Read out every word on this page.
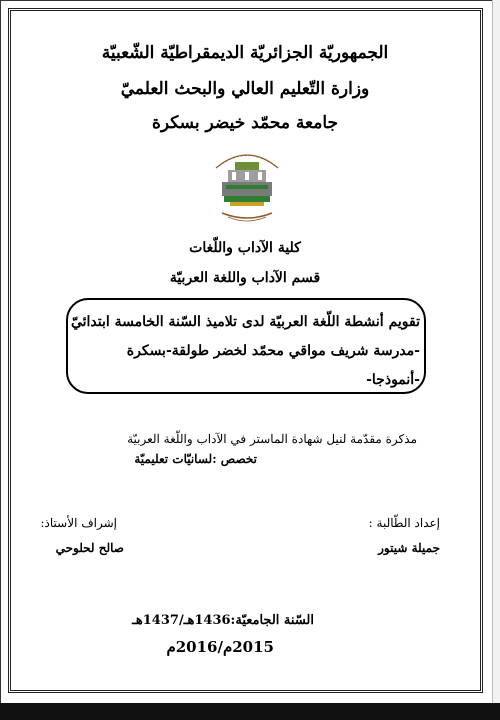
الجمهوريّة الجزائريّة الديمقراطيّة الشّعبيّة
وزارة التّعليم العالي والبحث العلميّ
جامعة محمّد خيضر بسكرة
كلية الآداب واللّغات
قسم الآداب واللغة العربيّة
تقويم أنشطة اللّغة العربيّة لدى تلاميذ السّنة الخامسة ابتدائيّ
-مدرسة شريف مواقي محمّد لخضر طولقة-بسكرة
-أنموذجا-
مذكرة مقدّمة لنيل شهادة الماستر في الآداب واللّغة العربيّة
تخصص :لسانيّات تعليميّة
إعداد الطّالبة :
جميلة شيتور
إشراف الأستاذ:
صالح لحلوحي
السّنة الجامعيّة:1436هـ/1437هـ
2015م/2016م
